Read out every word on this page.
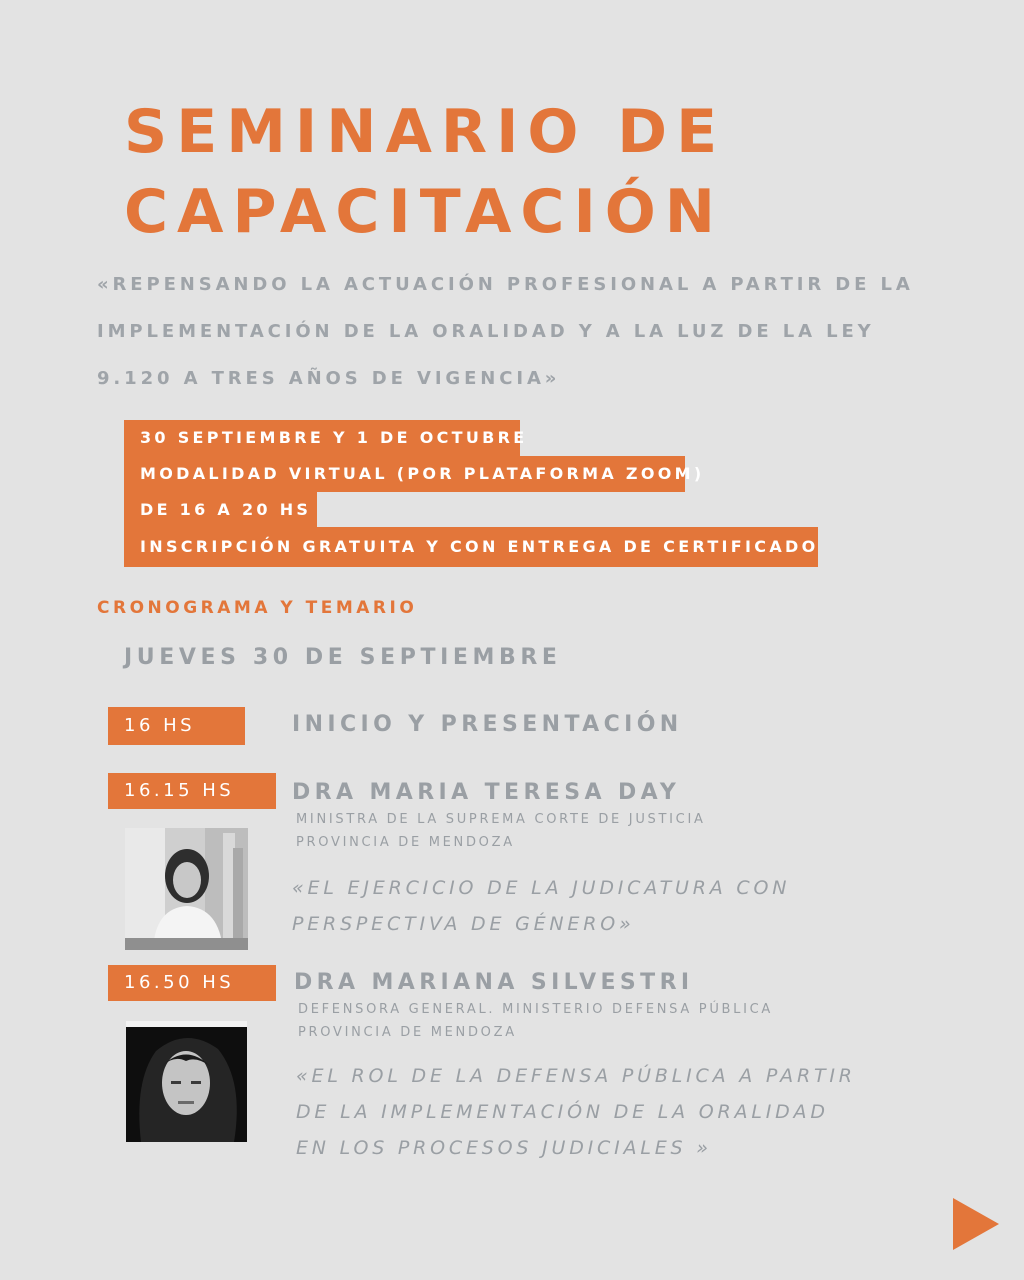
SEMINARIO DE
CAPACITACIÓN
«REPENSANDO LA ACTUACIÓN PROFESIONAL A PARTIR DE LA
IMPLEMENTACIÓN DE LA ORALIDAD Y A LA LUZ DE LA LEY
9.120 A TRES AÑOS DE VIGENCIA»
30 SEPTIEMBRE Y 1 DE OCTUBRE
MODALIDAD VIRTUAL (POR PLATAFORMA ZOOM)
DE 16 A 20 HS
INSCRIPCIÓN GRATUITA Y CON ENTREGA DE CERTIFICADO
CRONOGRAMA Y TEMARIO
JUEVES 30 DE SEPTIEMBRE
16 HS	INICIO Y PRESENTACIÓN
16.15 HS	DRA MARIA TERESA DAY
MINISTRA DE LA SUPREMA CORTE DE JUSTICIA
PROVINCIA DE MENDOZA
«EL EJERCICIO DE LA JUDICATURA CON
PERSPECTIVA DE GÉNERO»
16.50 HS	DRA MARIANA SILVESTRI
DEFENSORA GENERAL. MINISTERIO DEFENSA PÚBLICA
PROVINCIA DE MENDOZA
«EL ROL DE LA DEFENSA PÚBLICA A PARTIR
DE LA IMPLEMENTACIÓN DE LA ORALIDAD
EN LOS PROCESOS JUDICIALES »
